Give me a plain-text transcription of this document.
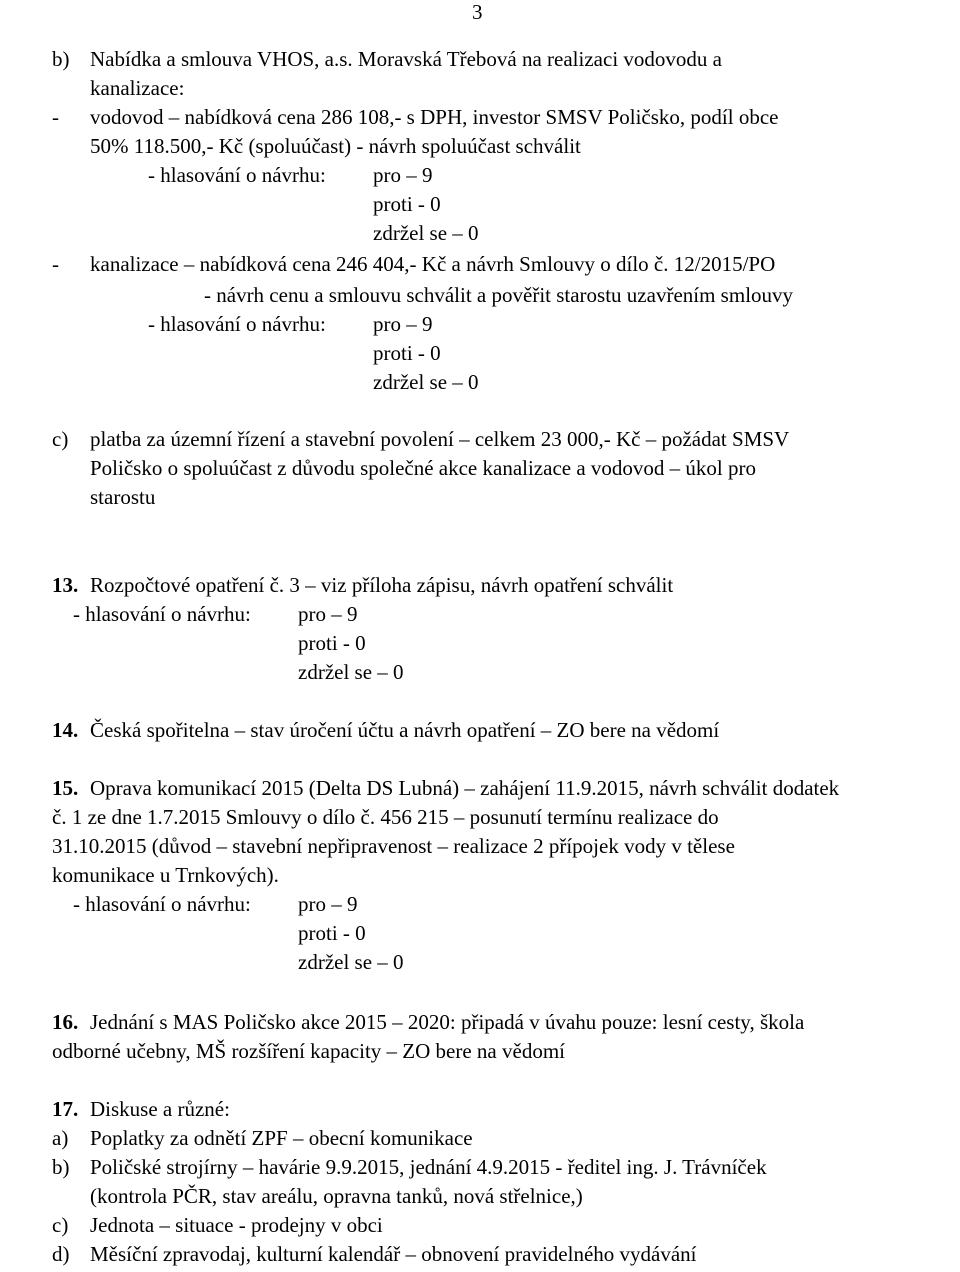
3
b) Nabídka a smlouva VHOS, a.s. Moravská Třebová na realizaci vodovodu a
kanalizace:
- vodovod – nabídková cena 286 108,- s DPH, investor SMSV Poličsko, podíl obce
50% 118.500,- Kč (spoluúčast) - návrh spoluúčast schválit
- hlasování o návrhu: pro – 9
proti - 0
zdržel se – 0
- kanalizace – nabídková cena 246 404,- Kč a návrh Smlouvy o dílo č. 12/2015/PO
- návrh cenu a smlouvu schválit a pověřit starostu uzavřením smlouvy
- hlasování o návrhu: pro – 9
proti - 0
zdržel se – 0
c) platba za územní řízení a stavební povolení – celkem 23 000,- Kč – požádat SMSV
Poličsko o spoluúčast z důvodu společné akce kanalizace a vodovod – úkol pro
starostu
13. Rozpočtové opatření č. 3 – viz příloha zápisu, návrh opatření schválit
- hlasování o návrhu: pro – 9
proti - 0
zdržel se – 0
14. Česká spořitelna – stav úročení účtu a návrh opatření – ZO bere na vědomí
15. Oprava komunikací 2015 (Delta DS Lubná) – zahájení 11.9.2015, návrh schválit dodatek
č. 1 ze dne 1.7.2015 Smlouvy o dílo č. 456 215 – posunutí termínu realizace do
31.10.2015 (důvod – stavební nepřipravenost – realizace 2 přípojek vody v tělese
komunikace u Trnkových).
- hlasování o návrhu: pro – 9
proti - 0
zdržel se – 0
16. Jednání s MAS Poličsko akce 2015 – 2020: připadá v úvahu pouze: lesní cesty, škola
odborné učebny, MŠ rozšíření kapacity – ZO bere na vědomí
17. Diskuse a různé:
a) Poplatky za odnětí ZPF – obecní komunikace
b) Poličské strojírny – havárie 9.9.2015, jednání 4.9.2015 - ředitel ing. J. Trávníček
(kontrola PČR, stav areálu, opravna tanků, nová střelnice,)
c) Jednota – situace - prodejny v obci
d) Měsíční zpravodaj, kulturní kalendář – obnovení pravidelného vydávání
